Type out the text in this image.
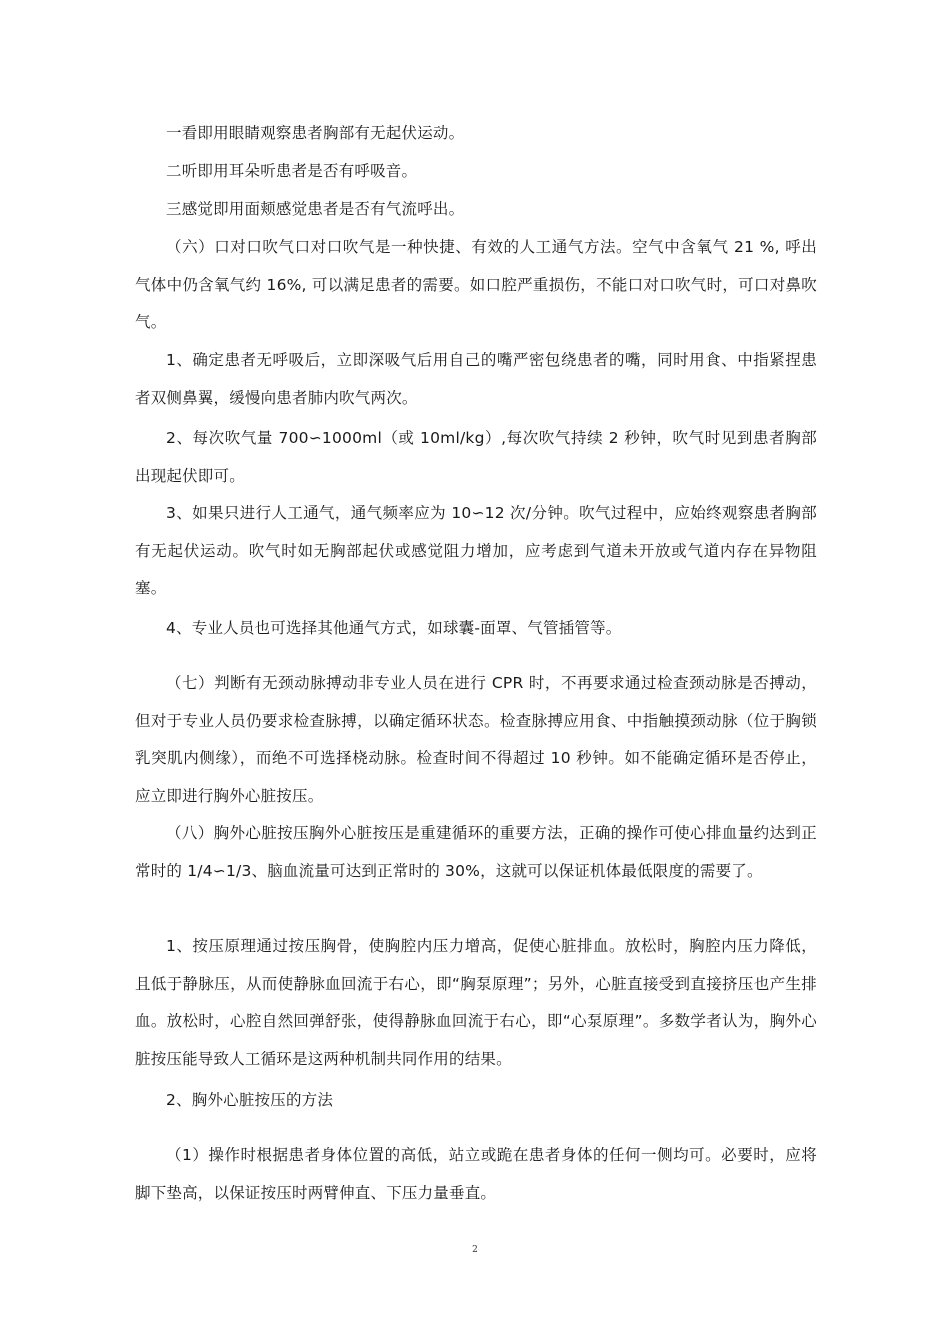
一看即用眼睛观察患者胸部有无起伏运动。

二听即用耳朵听患者是否有呼吸音。

三感觉即用面颊感觉患者是否有气流呼出。

（六）口对口吹气口对口吹气是一种快捷、有效的人工通气方法。空气中含氧气 21 %, 呼出气体中仍含氧气约 16%, 可以满足患者的需要。如口腔严重损伤，不能口对口吹气时，可口对鼻吹气。

1、确定患者无呼吸后，立即深吸气后用自己的嘴严密包绕患者的嘴，同时用食、中指紧捏患者双侧鼻翼，缓慢向患者肺内吹气两次。

2、每次吹气量 700∽1000ml（或 10ml/kg）,每次吹气持续 2 秒钟，吹气时见到患者胸部出现起伏即可。

3、如果只进行人工通气，通气频率应为 10∽12 次/分钟。吹气过程中，应始终观察患者胸部有无起伏运动。吹气时如无胸部起伏或感觉阻力增加，应考虑到气道未开放或气道内存在异物阻塞。

4、专业人员也可选择其他通气方式，如球囊-面罩、气管插管等。

（七）判断有无颈动脉搏动非专业人员在进行 CPR 时，不再要求通过检查颈动脉是否搏动，但对于专业人员仍要求检查脉搏，以确定循环状态。检查脉搏应用食、中指触摸颈动脉（位于胸锁乳突肌内侧缘），而绝不可选择桡动脉。检查时间不得超过 10 秒钟。如不能确定循环是否停止，应立即进行胸外心脏按压。

（八）胸外心脏按压胸外心脏按压是重建循环的重要方法，正确的操作可使心排血量约达到正常时的 1/4∽1/3、脑血流量可达到正常时的 30%，这就可以保证机体最低限度的需要了。

1、按压原理通过按压胸骨，使胸腔内压力增高，促使心脏排血。放松时，胸腔内压力降低，且低于静脉压，从而使静脉血回流于右心，即“胸泵原理”；另外，心脏直接受到直接挤压也产生排血。放松时，心腔自然回弹舒张，使得静脉血回流于右心，即“心泵原理”。多数学者认为，胸外心脏按压能导致人工循环是这两种机制共同作用的结果。

2、胸外心脏按压的方法

（1）操作时根据患者身体位置的高低，站立或跪在患者身体的任何一侧均可。必要时，应将脚下垫高，以保证按压时两臂伸直、下压力量垂直。

2
